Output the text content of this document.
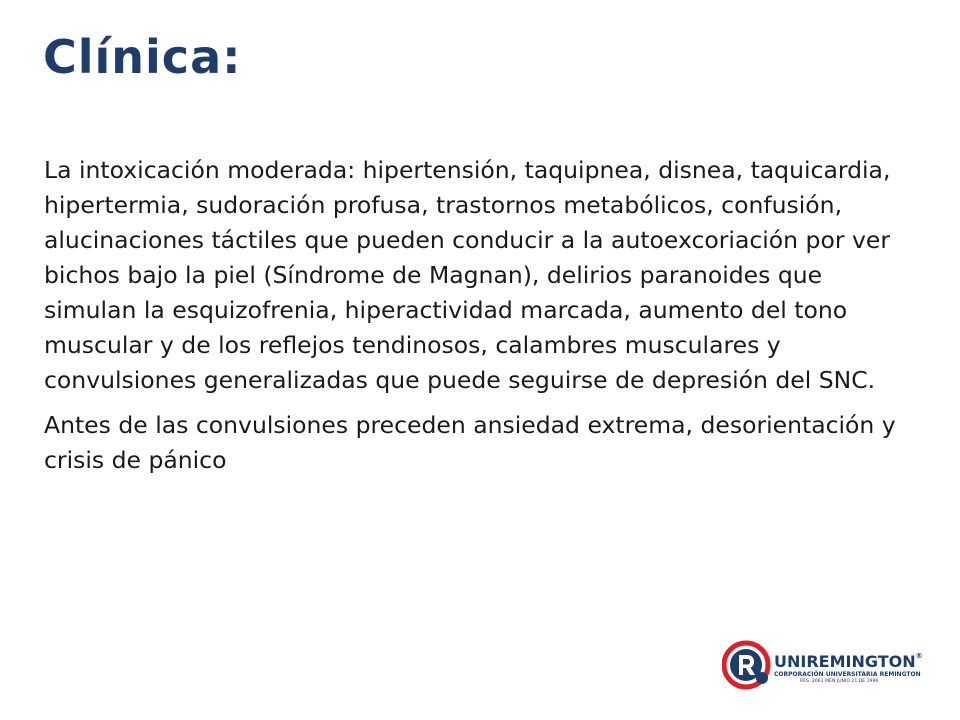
Clínica:

La intoxicación moderada: hipertensión, taquipnea, disnea, taquicardia, hipertermia, sudoración profusa, trastornos metabólicos, confusión, alucinaciones táctiles que pueden conducir a la autoexcoriación por ver bichos bajo la piel (Síndrome de Magnan), delirios paranoides que simulan la esquizofrenia, hiperactividad marcada, aumento del tono muscular y de los reflejos tendinosos, calambres musculares y convulsiones generalizadas que puede seguirse de depresión del SNC.

Antes de las convulsiones preceden ansiedad extrema, desorientación y crisis de pánico

UNIREMINGTON®
CORPORACIÓN UNIVERSITARIA REMINGTON
RES. 2661 MEN JUNIO 21 DE 1996
